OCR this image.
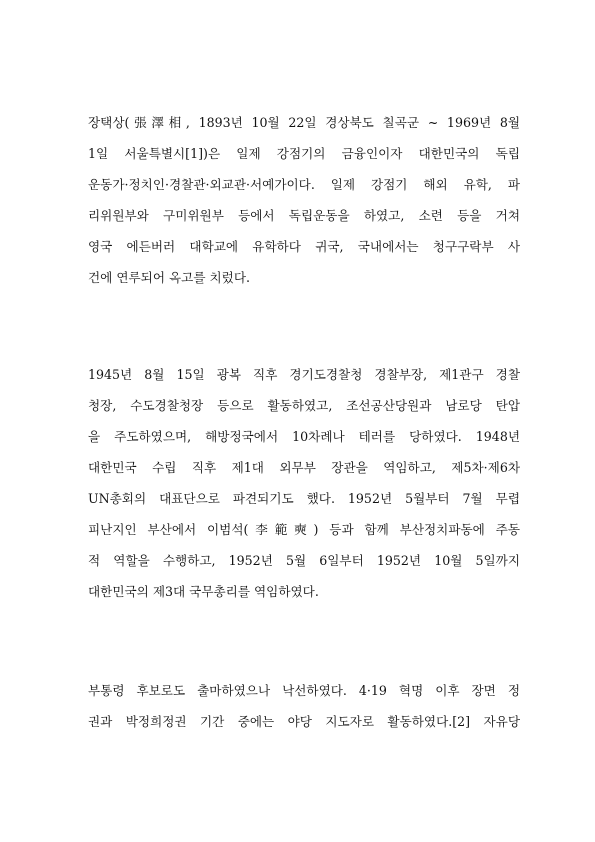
장택상(張澤相, 1893년 10월 22일 경상북도 칠곡군 ~ 1969년 8월
1일 서울특별시[1])은 일제 강점기의 금융인이자 대한민국의 독립
운동가·정치인·경찰관·외교관·서예가이다. 일제 강점기 해외 유학, 파
리위원부와 구미위원부 등에서 독립운동을 하였고, 소련 등을 거쳐
영국 에든버러 대학교에 유학하다 귀국, 국내에서는 청구구락부 사
건에 연루되어 옥고를 치렀다.
1945년 8월 15일 광복 직후 경기도경찰청 경찰부장, 제1관구 경찰
청장, 수도경찰청장 등으로 활동하였고, 조선공산당원과 남로당 탄압
을 주도하였으며, 해방정국에서 10차례나 테러를 당하였다. 1948년
대한민국 수립 직후 제1대 외무부 장관을 역임하고, 제5차·제6차
UN총회의 대표단으로 파견되기도 했다. 1952년 5월부터 7월 무렵
피난지인 부산에서 이범석(李範奭) 등과 함께 부산정치파동에 주동
적 역할을 수행하고, 1952년 5월 6일부터 1952년 10월 5일까지
대한민국의 제3대 국무총리를 역임하였다.
부통령 후보로도 출마하였으나 낙선하였다. 4·19 혁명 이후 장면 정
권과 박정희정권 기간 중에는 야당 지도자로 활동하였다.[2] 자유당
